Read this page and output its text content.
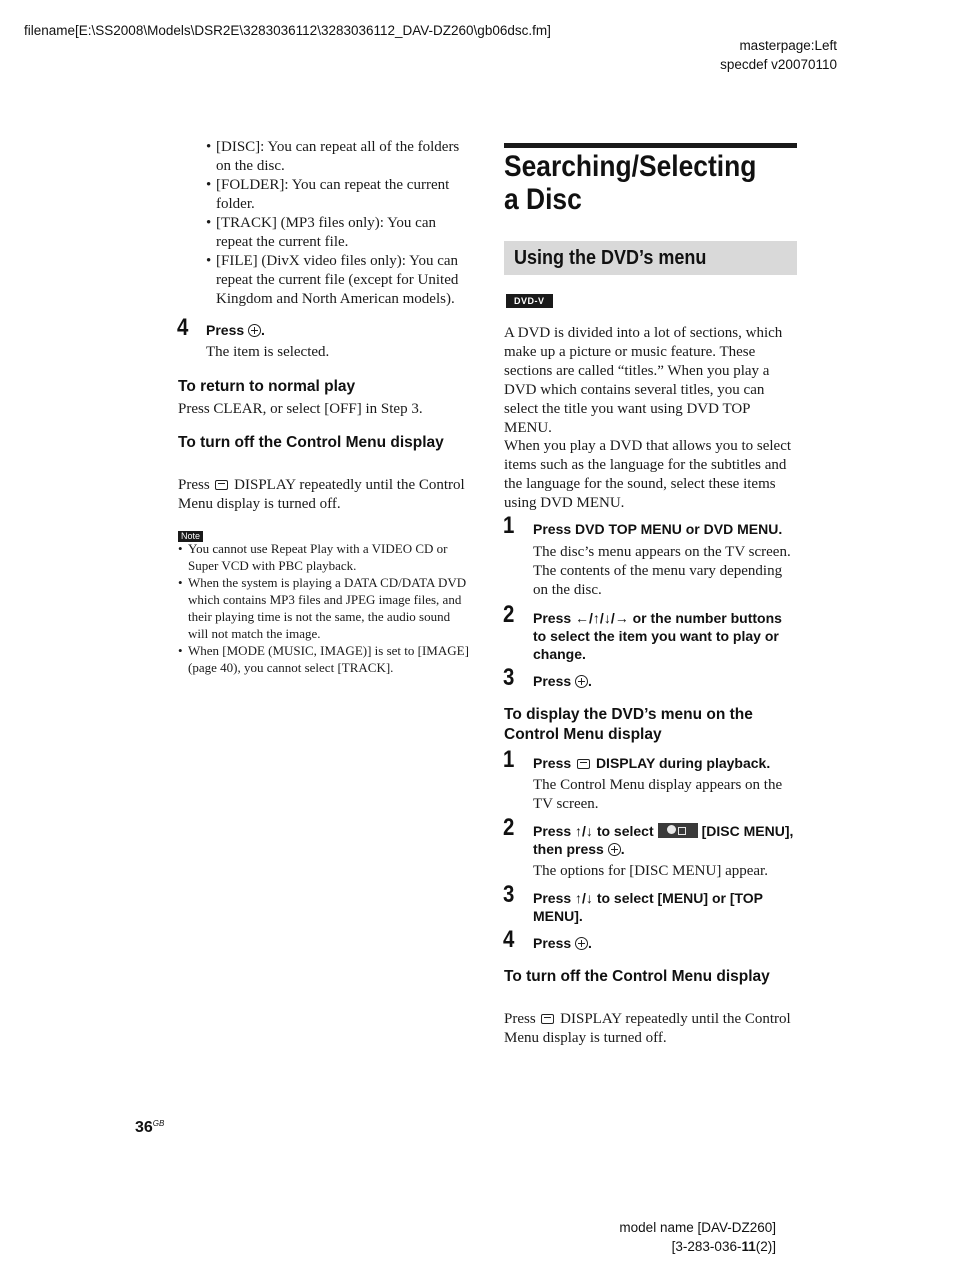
filename[E:\SS2008\Models\DSR2E\3283036112\3283036112_DAV-DZ260\gb06dsc.fm]
masterpage:Left
specdef v20070110
• [DISC]: You can repeat all of the folders on the disc.
• [FOLDER]: You can repeat the current folder.
• [TRACK] (MP3 files only): You can repeat the current file.
• [FILE] (DivX video files only): You can repeat the current file (except for United Kingdom and North American models).
4 Press .
The item is selected.
To return to normal play
Press CLEAR, or select [OFF] in Step 3.
To turn off the Control Menu display
Press DISPLAY repeatedly until the Control Menu display is turned off.
Note
• You cannot use Repeat Play with a VIDEO CD or Super VCD with PBC playback.
• When the system is playing a DATA CD/DATA DVD which contains MP3 files and JPEG image files, and their playing time is not the same, the audio sound will not match the image.
• When [MODE (MUSIC, IMAGE)] is set to [IMAGE] (page 40), you cannot select [TRACK].
Searching/Selecting a Disc
Using the DVD’s menu
DVD-V
A DVD is divided into a lot of sections, which make up a picture or music feature. These sections are called “titles.” When you play a DVD which contains several titles, you can select the title you want using DVD TOP MENU.
When you play a DVD that allows you to select items such as the language for the subtitles and the language for the sound, select these items using DVD MENU.
1 Press DVD TOP MENU or DVD MENU.
The disc’s menu appears on the TV screen. The contents of the menu vary depending on the disc.
2 Press ←/↑/↓/→ or the number buttons to select the item you want to play or change.
3 Press .
To display the DVD’s menu on the Control Menu display
1 Press DISPLAY during playback.
The Control Menu display appears on the TV screen.
2 Press ↑/↓ to select	[DISC MENU], then press .
The options for [DISC MENU] appear.
3 Press ↑/↓ to select [MENU] or [TOP MENU].
4 Press .
To turn off the Control Menu display
Press DISPLAY repeatedly until the Control Menu display is turned off.
$36^{GB}$
model name [DAV-DZ260]
[3-283-036-11(2)]
